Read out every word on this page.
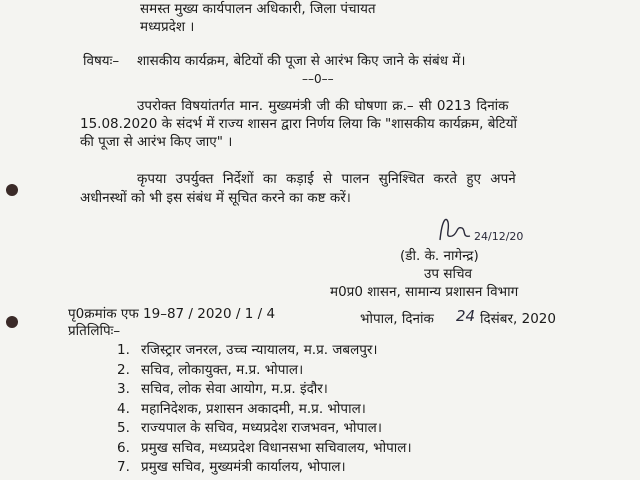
समस्त मुख्य कार्यपालन अधिकारी, जिला पंचायत
मध्यप्रदेश ।
विषयः– शासकीय कार्यक्रम, बेटियों की पूजा से आरंभ किए जाने के संबंध में।
––0––
उपरोक्त विषयांतर्गत मान. मुख्यमंत्री जी की घोषणा क्र.– सी 0213 दिनांक
15.08.2020 के संदर्भ में राज्य शासन द्वारा निर्णय लिया कि "शासकीय कार्यक्रम, बेटियों
की पूजा से आरंभ किए जाए" ।
कृपया उपर्युक्त निर्देशों का कड़ाई से पालन सुनिश्चित करते हुए अपने
अधीनस्थों को भी इस संबंध में सूचित करने का कष्ट करें।
24/12/20
(डी. के. नागेन्द्र)
उप सचिव
म0प्र0 शासन, सामान्य प्रशासन विभाग
पृ0क्रमांक एफ 19–87 / 2020 / 1 / 4	भोपाल, दिनांक 24 दिसंबर, 2020
प्रतिलिपिः–
1. रजिस्ट्रार जनरल, उच्च न्यायालय, म.प्र. जबलपुर।
2. सचिव, लोकायुक्त, म.प्र. भोपाल।
3. सचिव, लोक सेवा आयोग, म.प्र. इंदौर।
4. महानिदेशक, प्रशासन अकादमी, म.प्र. भोपाल।
5. राज्यपाल के सचिव, मध्यप्रदेश राजभवन, भोपाल।
6. प्रमुख सचिव, मध्यप्रदेश विधानसभा सचिवालय, भोपाल।
7. प्रमुख सचिव, मुख्यमंत्री कार्यालय, भोपाल।
